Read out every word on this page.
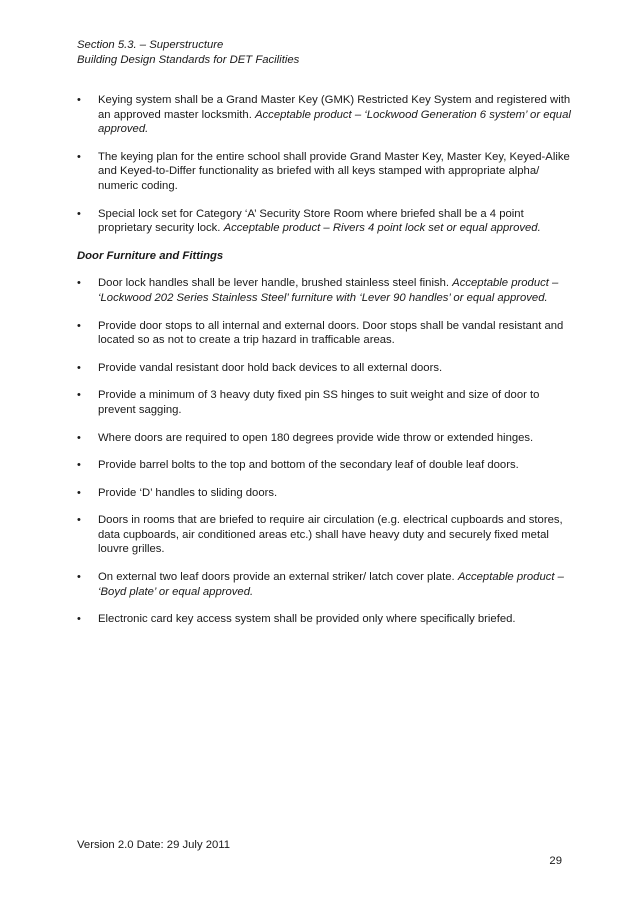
Section 5.3. – Superstructure
Building Design Standards for DET Facilities
•
Keying system shall be a Grand Master Key (GMK) Restricted Key System and registered with an approved master locksmith. Acceptable product – ‘Lockwood Generation 6 system’ or equal approved.
•
The keying plan for the entire school shall provide Grand Master Key, Master Key, Keyed-Alike and Keyed-to-Differ functionality as briefed with all keys stamped with appropriate alpha/ numeric coding.
•
Special lock set for Category ‘A’ Security Store Room where briefed shall be a 4 point proprietary security lock. Acceptable product – Rivers 4 point lock set or equal approved.
Door Furniture and Fittings
•
Door lock handles shall be lever handle, brushed stainless steel finish. Acceptable product – ‘Lockwood 202 Series Stainless Steel’ furniture with ‘Lever 90 handles’ or equal approved.
•
Provide door stops to all internal and external doors. Door stops shall be vandal resistant and located so as not to create a trip hazard in trafficable areas.
•
Provide vandal resistant door hold back devices to all external doors.
•
Provide a minimum of 3 heavy duty fixed pin SS hinges to suit weight and size of door to prevent sagging.
•
Where doors are required to open 180 degrees provide wide throw or extended hinges.
•
Provide barrel bolts to the top and bottom of the secondary leaf of double leaf doors.
•
Provide ‘D’ handles to sliding doors.
•
Doors in rooms that are briefed to require air circulation (e.g. electrical cupboards and stores, data cupboards, air conditioned areas etc.) shall have heavy duty and securely fixed metal louvre grilles.
•
On external two leaf doors provide an external striker/ latch cover plate. Acceptable product – ‘Boyd plate’ or equal approved.
•
Electronic card key access system shall be provided only where specifically briefed.
Version 2.0 Date: 29 July 2011
29
